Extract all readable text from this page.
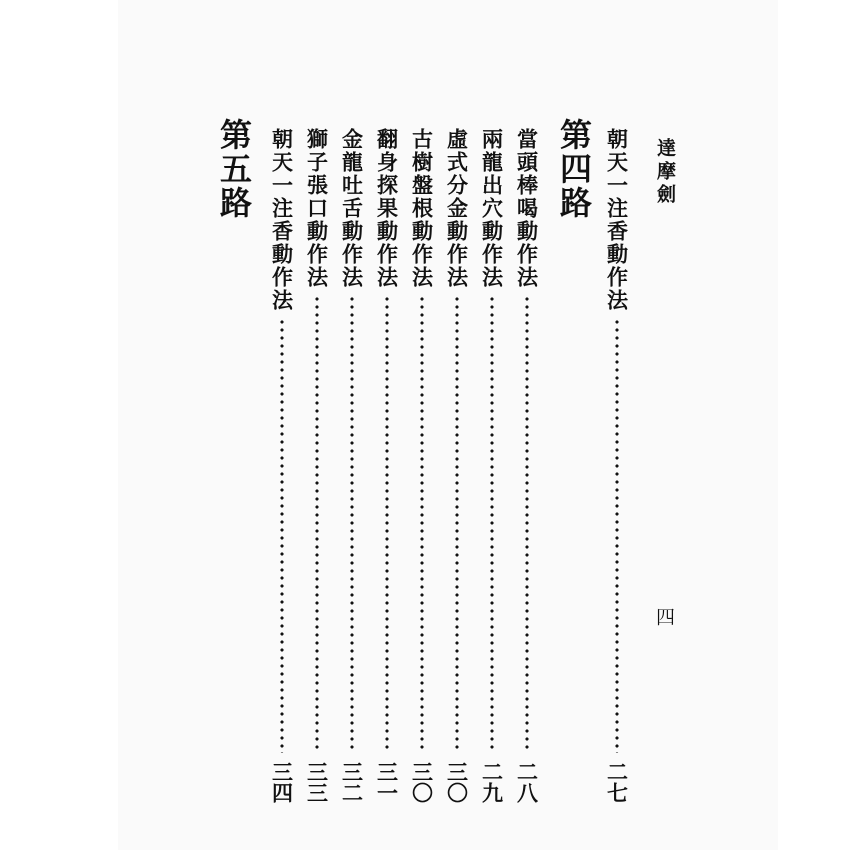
達摩劍
四
朝天一注香動作法
二七
第四路
當頭棒喝動作法
二八
兩龍出穴動作法
二九
虛式分金動作法
三〇
古樹盤根動作法
三〇
翻身探果動作法
三一
金龍吐舌動作法
三二
獅子張口動作法
三三
朝天一注香動作法
三四
第五路
